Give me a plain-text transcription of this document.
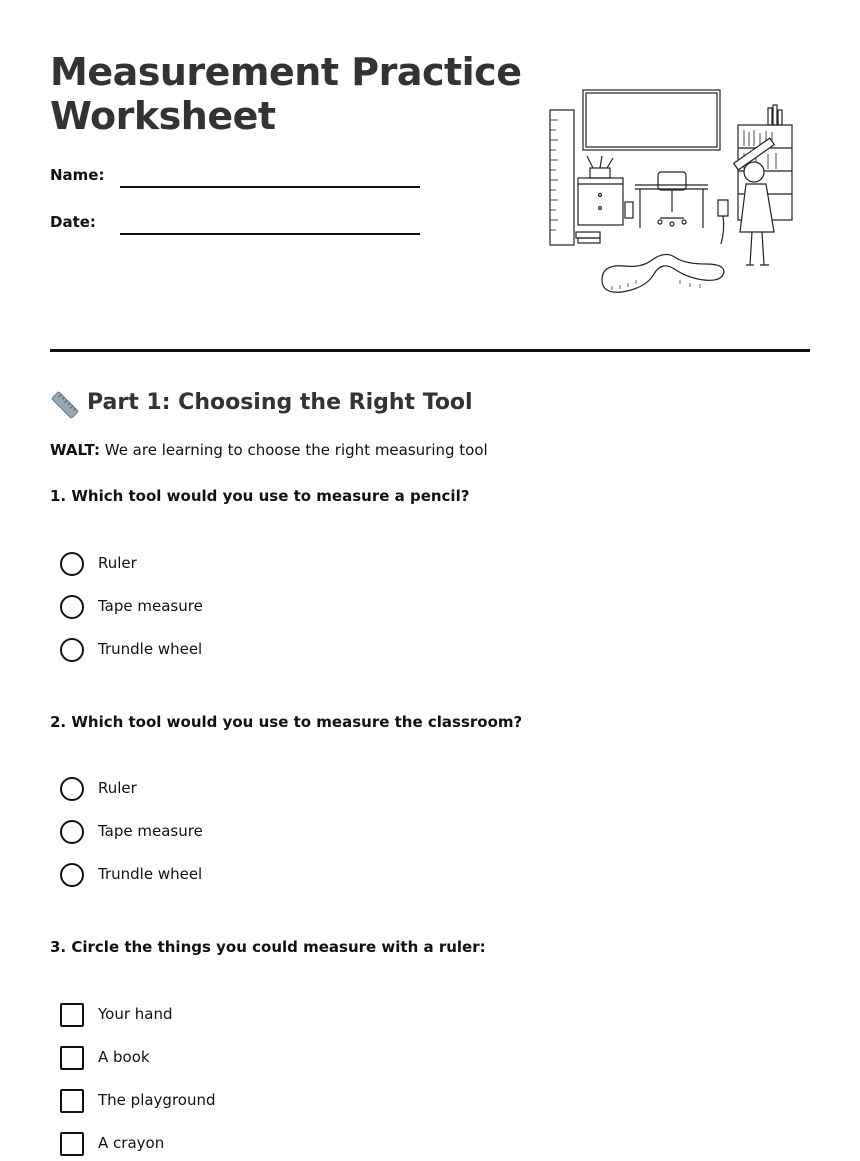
Measurement Practice
Worksheet
Name:
Date:
Part 1: Choosing the Right Tool
WALT: We are learning to choose the right measuring tool
1. Which tool would you use to measure a pencil?
Ruler
Tape measure
Trundle wheel
2. Which tool would you use to measure the classroom?
Ruler
Tape measure
Trundle wheel
3. Circle the things you could measure with a ruler:
Your hand
A book
The playground
A crayon
